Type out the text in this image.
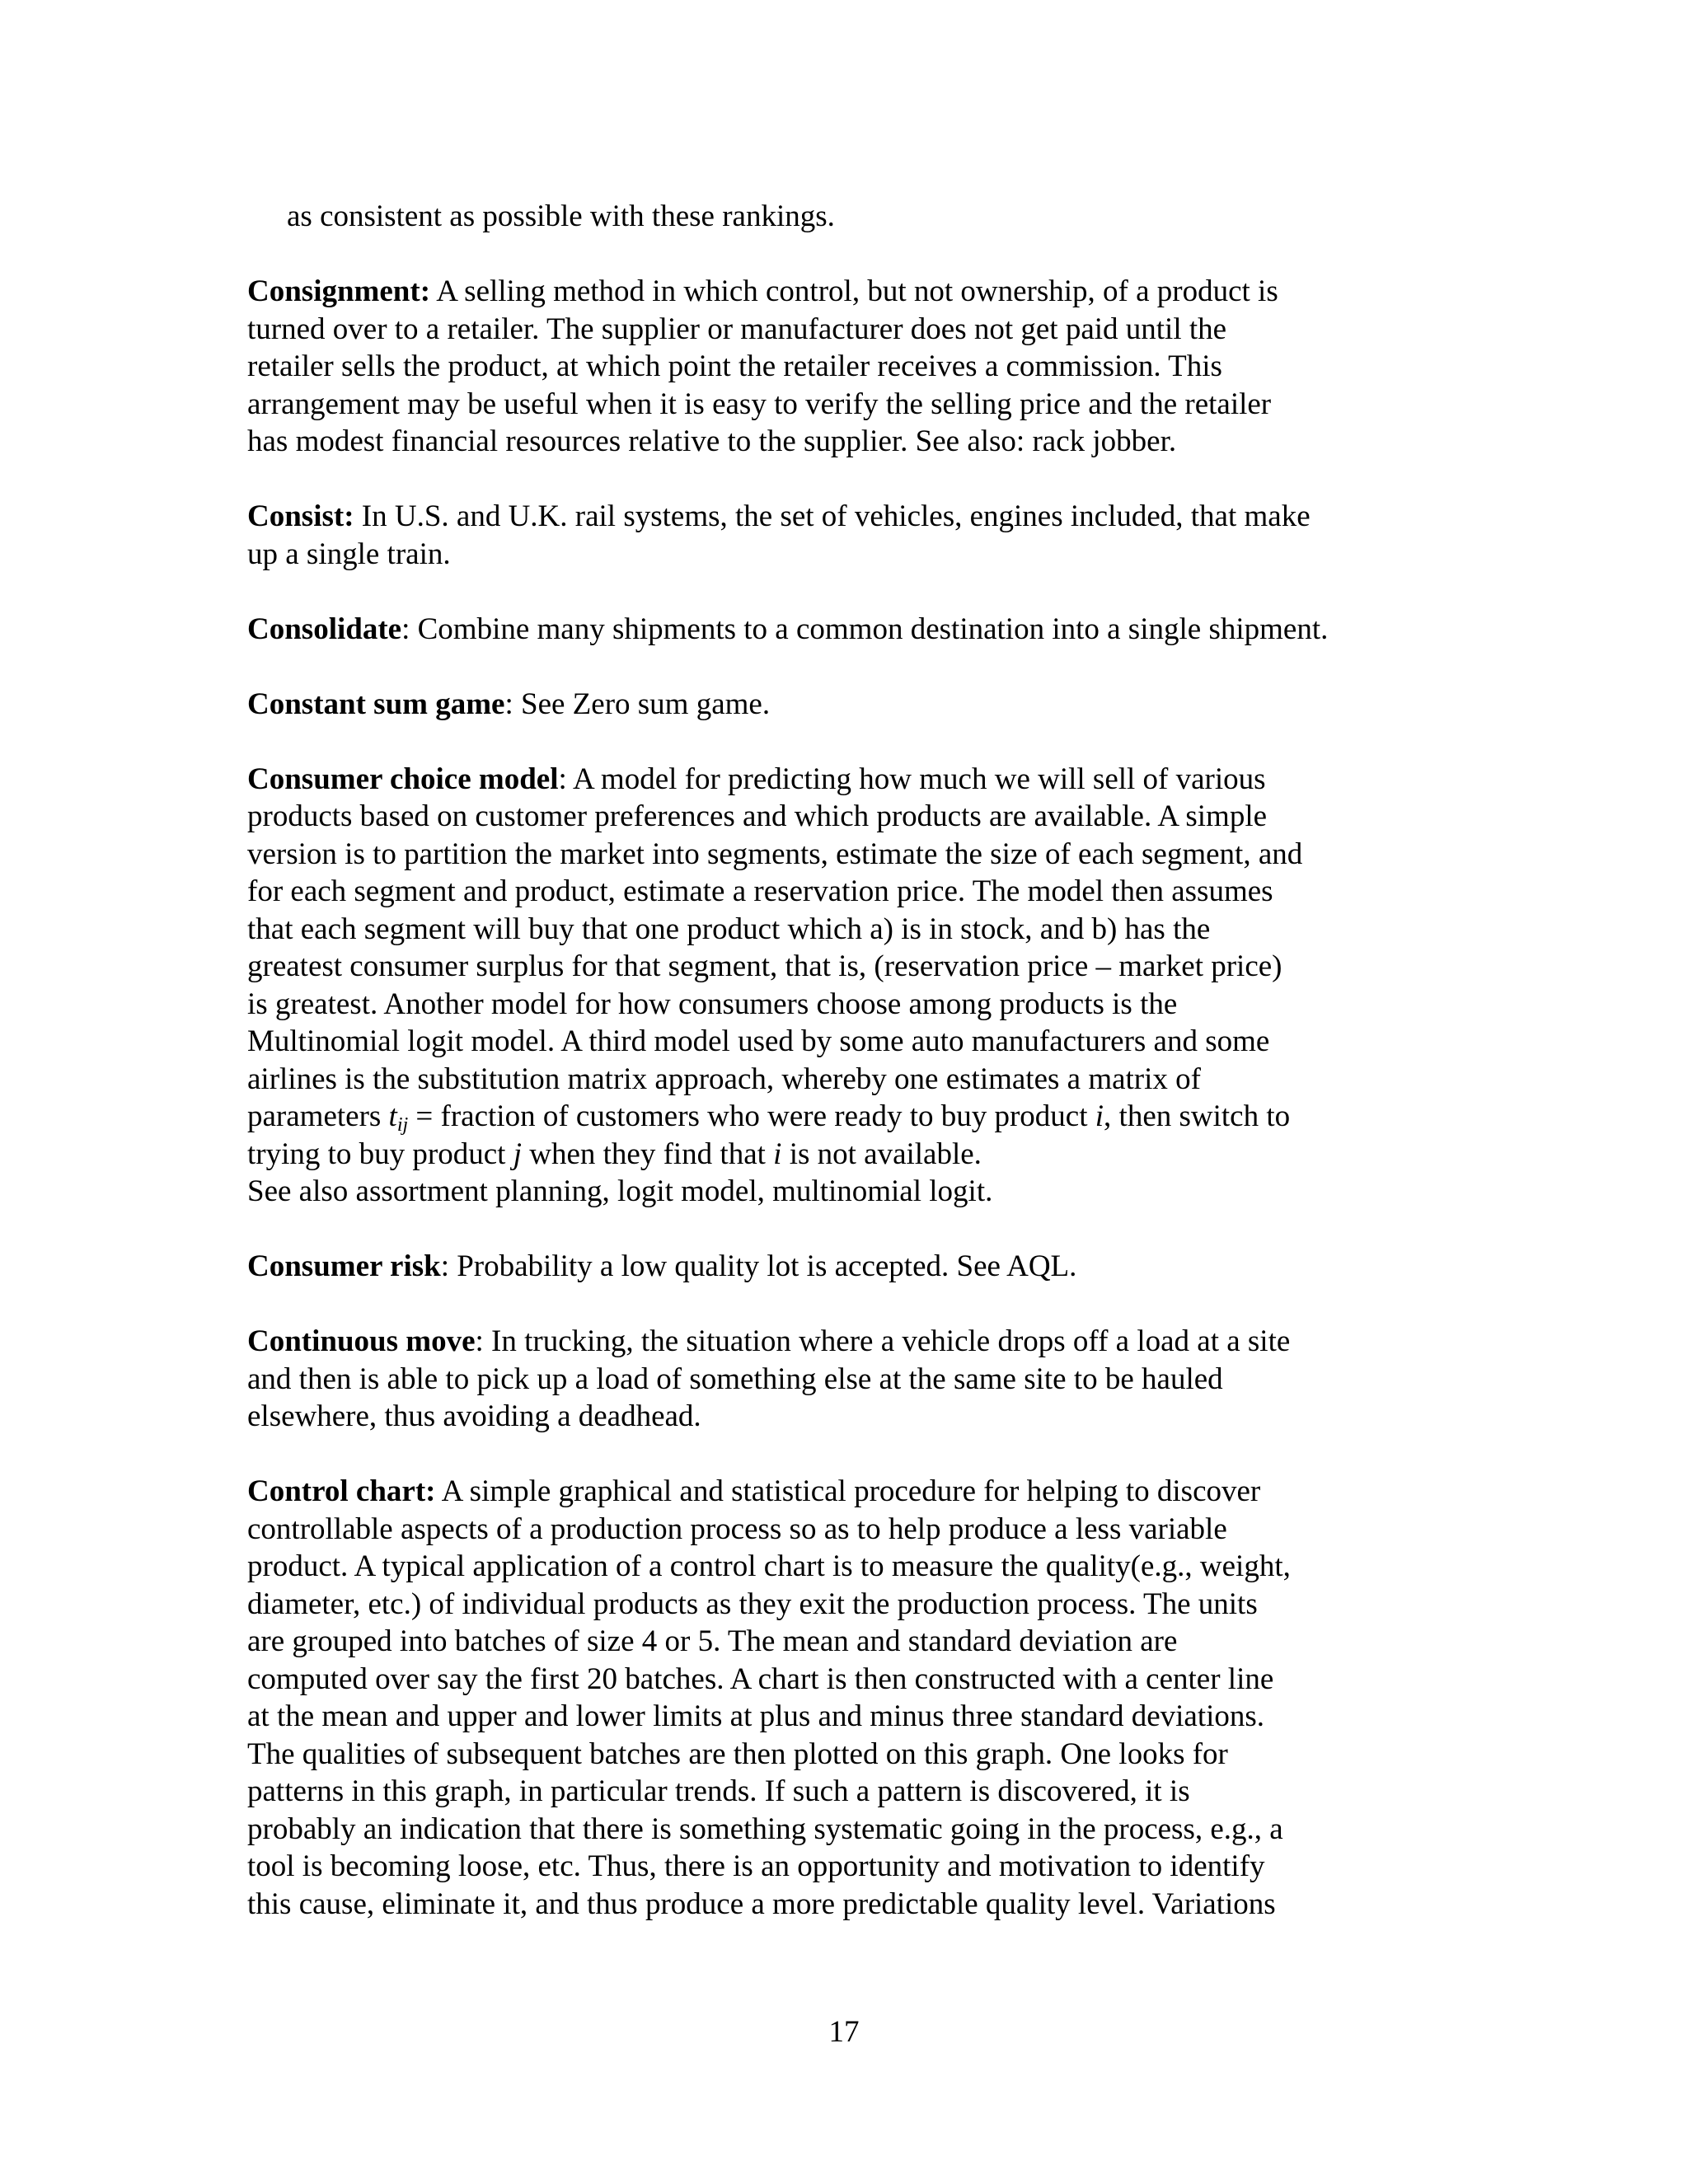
as consistent as possible with these rankings.
Consignment: A selling method in which control, but not ownership, of a product is
turned over to a retailer. The supplier or manufacturer does not get paid until the
retailer sells the product, at which point the retailer receives a commission. This
arrangement may be useful when it is easy to verify the selling price and the retailer
has modest financial resources relative to the supplier. See also: rack jobber.
Consist: In U.S. and U.K. rail systems, the set of vehicles, engines included, that make
up a single train.
Consolidate: Combine many shipments to a common destination into a single shipment.
Constant sum game: See Zero sum game.
Consumer choice model: A model for predicting how much we will sell of various
products based on customer preferences and which products are available. A simple
version is to partition the market into segments, estimate the size of each segment, and
for each segment and product, estimate a reservation price. The model then assumes
that each segment will buy that one product which a) is in stock, and b) has the
greatest consumer surplus for that segment, that is, (reservation price – market price)
is greatest. Another model for how consumers choose among products is the
Multinomial logit model. A third model used by some auto manufacturers and some
airlines is the substitution matrix approach, whereby one estimates a matrix of
parameters $t_{ij}$ = fraction of customers who were ready to buy product i, then switch to
trying to buy product j when they find that i is not available.
See also assortment planning, logit model, multinomial logit.
Consumer risk: Probability a low quality lot is accepted. See AQL.
Continuous move: In trucking, the situation where a vehicle drops off a load at a site
and then is able to pick up a load of something else at the same site to be hauled
elsewhere, thus avoiding a deadhead.
Control chart: A simple graphical and statistical procedure for helping to discover
controllable aspects of a production process so as to help produce a less variable
product. A typical application of a control chart is to measure the quality(e.g., weight,
diameter, etc.) of individual products as they exit the production process. The units
are grouped into batches of size 4 or 5. The mean and standard deviation are
computed over say the first 20 batches. A chart is then constructed with a center line
at the mean and upper and lower limits at plus and minus three standard deviations.
The qualities of subsequent batches are then plotted on this graph. One looks for
patterns in this graph, in particular trends. If such a pattern is discovered, it is
probably an indication that there is something systematic going in the process, e.g., a
tool is becoming loose, etc. Thus, there is an opportunity and motivation to identify
this cause, eliminate it, and thus produce a more predictable quality level. Variations
17
